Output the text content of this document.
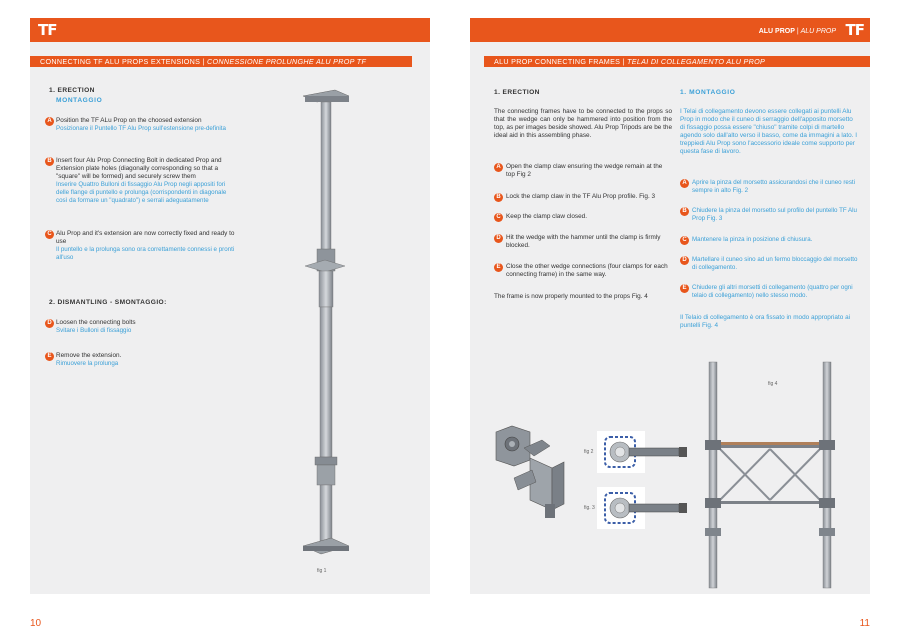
TF
CONNECTING TF ALU PROPS EXTENSIONS | CONNESSIONE PROLUNGHE ALU PROP TF
1. ERECTION
MONTAGGIO
A Position the TF ALu Prop on the choosed extension
Posizionare il Puntello TF Alu Prop sull'estensione pre-definita
B Insert four Alu Prop Connecting Bolt in dedicated Prop and Extension plate holes (diagonally corresponding so that a "square" will be formed) and securely screw them
Inserire Quattro Bulloni di fissaggio Alu Prop negli appositi fori delle flange di puntello e prolunga (corrispondenti in diagonale così da formare un "quadrato") e serrali adeguatamente
C Alu Prop and it's extension are now correctly fixed and ready to use
Il puntello e la prolunga sono ora correttamente connessi e pronti all'uso
2. DISMANTLING - SMONTAGGIO:
D Loosen the connecting bolts
Svitare i Bulloni di fissaggio
E Remove the extension.
Rimuovere la prolunga
fig 1
10
ALU PROP | ALU PROP TF
ALU PROP CONNECTING FRAMES | TELAI DI COLLEGAMENTO ALU PROP
1. ERECTION
The connecting frames have to be connected to the props so that the wedge can only be hammered into position from the top, as per images beside showed. Alu Prop Tripods are be the ideal aid in this assembling phase.
A Open the clamp claw ensuring the wedge remain at the top Fig 2
B Lock the clamp claw in the TF Alu Prop profile. Fig. 3
C Keep the clamp claw closed.
D Hit the wedge with the hammer until the clamp is firmly blocked.
E Close the other wedge connections (four clamps for each connecting frame) in the same way.
The frame is now properly mounted to the props Fig. 4
1. MONTAGGIO
I Telai di collegamento devono essere collegati ai puntelli Alu Prop in modo che il cuneo di serraggio dell'apposito morsetto di fissaggio possa essere "chiuso" tramite colpi di martello agendo solo dall'alto verso il basso, come da immagini a lato. I treppiedi Alu Prop sono l'accessorio ideale come supporto per questa fase di lavoro.
A Aprire la pinza del morsetto assicurandosi che il cuneo resti sempre in alto Fig. 2
B Chiudere la pinza del morsetto sul profilo del puntello TF Alu Prop Fig. 3
C Mantenere la pinza in posizione di chiusura.
D Martellare il cuneo sino ad un fermo bloccaggio del morsetto di collegamento.
E Chiudere gli altri morsetti di collegamento (quattro per ogni telaio di collegamento) nello stesso modo.
Il Telaio di collegamento è ora fissato in modo appropriato ai puntelli Fig. 4
fig 2
fig. 3
fig 4
11
